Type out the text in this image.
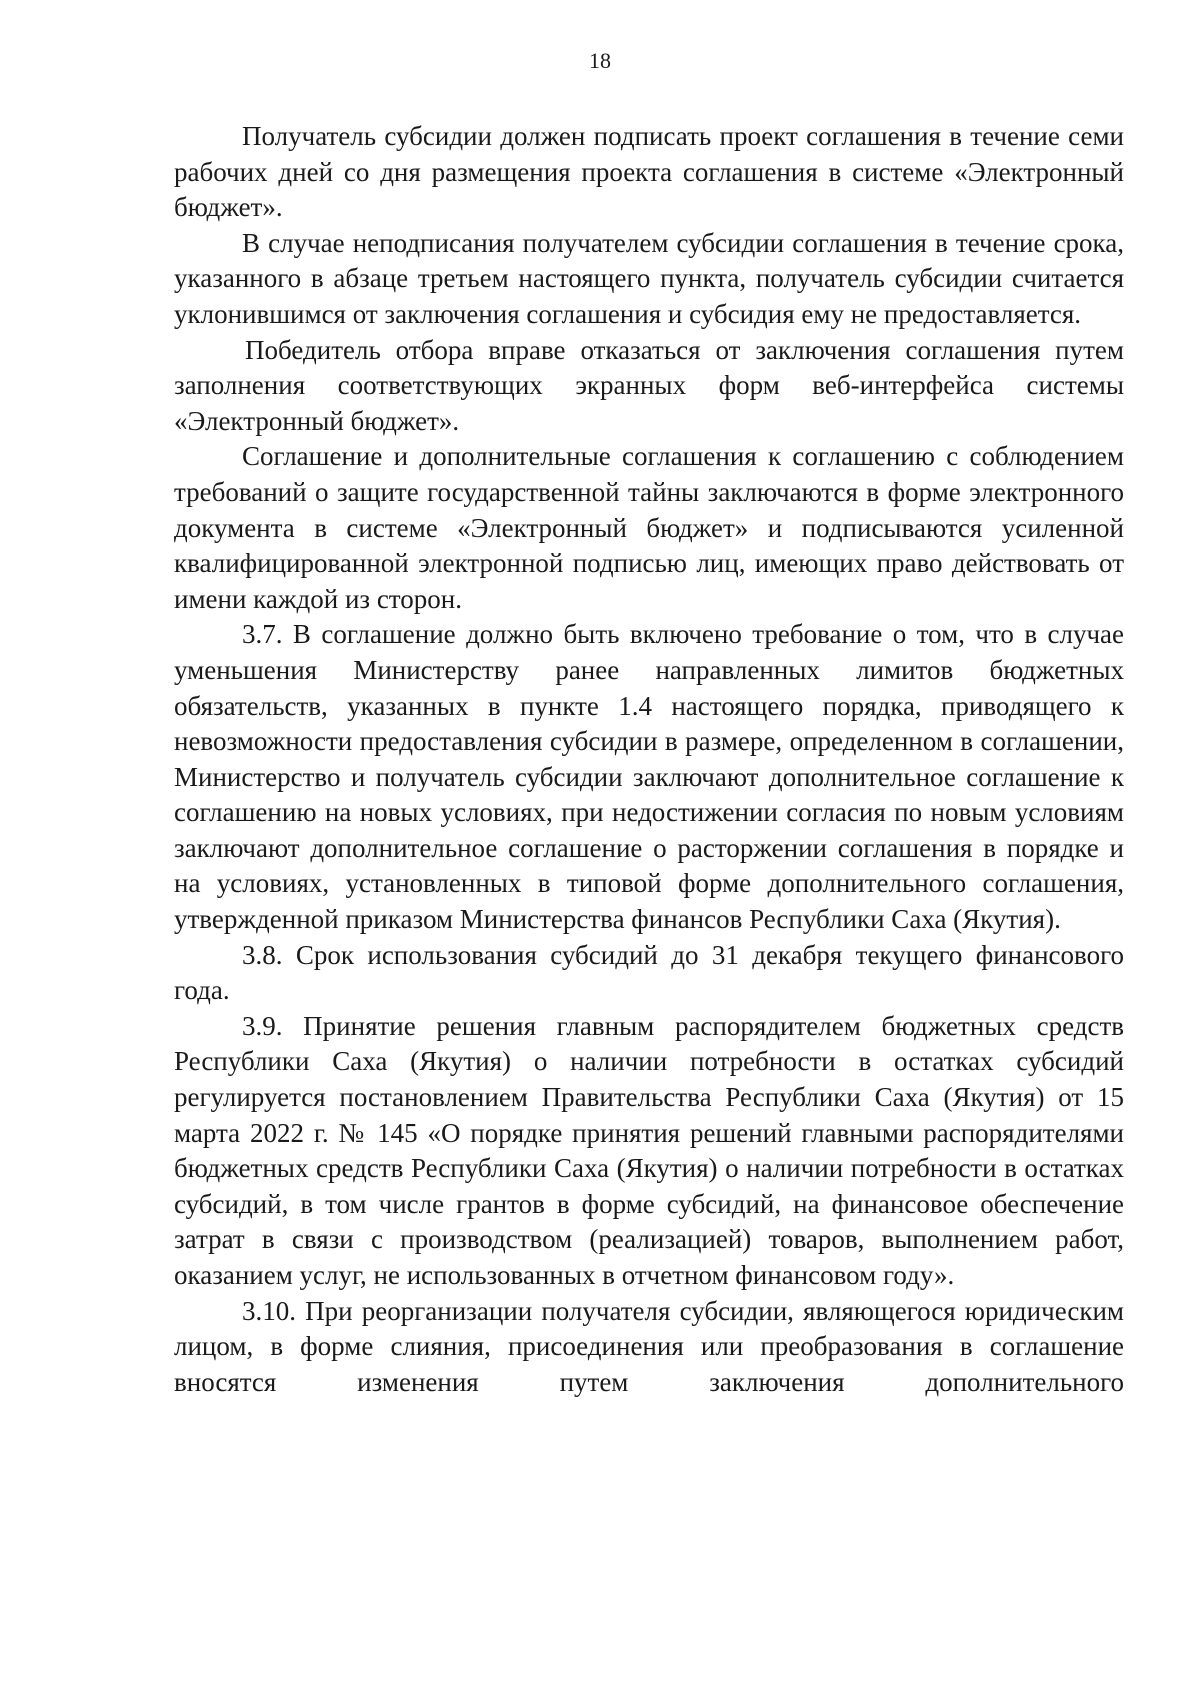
18

Получатель субсидии должен подписать проект соглашения в течение семи рабочих дней со дня размещения проекта соглашения в системе «Электронный бюджет».

В случае неподписания получателем субсидии соглашения в течение срока, указанного в абзаце третьем настоящего пункта, получатель субсидии считается уклонившимся от заключения соглашения и субсидия ему не предоставляется.

Победитель отбора вправе отказаться от заключения соглашения путем заполнения соответствующих экранных форм веб-интерфейса системы «Электронный бюджет».

Соглашение и дополнительные соглашения к соглашению с соблюдением требований о защите государственной тайны заключаются в форме электронного документа в системе «Электронный бюджет» и подписываются усиленной квалифицированной электронной подписью лиц, имеющих право действовать от имени каждой из сторон.

3.7. В соглашение должно быть включено требование о том, что в случае уменьшения Министерству ранее направленных лимитов бюджетных обязательств, указанных в пункте 1.4 настоящего порядка, приводящего к невозможности предоставления субсидии в размере, определенном в соглашении, Министерство и получатель субсидии заключают дополнительное соглашение к соглашению на новых условиях, при недостижении согласия по новым условиям заключают дополнительное соглашение о расторжении соглашения в порядке и на условиях, установленных в типовой форме дополнительного соглашения, утвержденной приказом Министерства финансов Республики Саха (Якутия).

3.8. Срок использования субсидий до 31 декабря текущего финансового года.

3.9. Принятие решения главным распорядителем бюджетных средств Республики Саха (Якутия) о наличии потребности в остатках субсидий регулируется постановлением Правительства Республики Саха (Якутия) от 15 марта 2022 г. № 145 «О порядке принятия решений главными распорядителями бюджетных средств Республики Саха (Якутия) о наличии потребности в остатках субсидий, в том числе грантов в форме субсидий, на финансовое обеспечение затрат в связи с производством (реализацией) товаров, выполнением работ, оказанием услуг, не использованных в отчетном финансовом году».

3.10. При реорганизации получателя субсидии, являющегося юридическим лицом, в форме слияния, присоединения или преобразования в соглашение вносятся изменения путем заключения дополнительного
